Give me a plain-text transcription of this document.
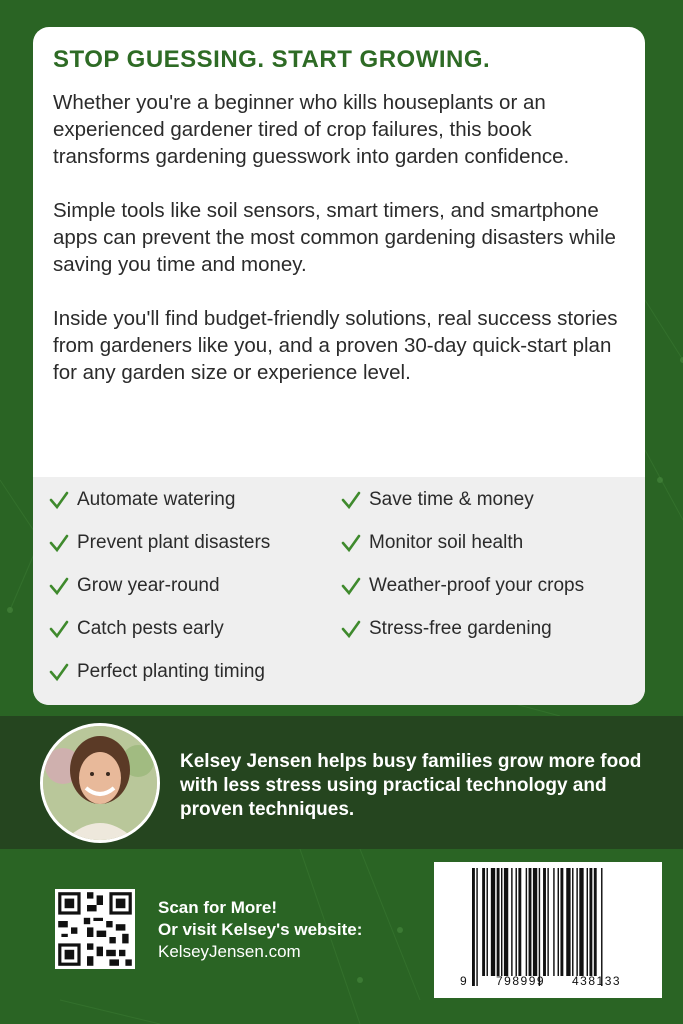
STOP GUESSING. START GROWING.

Whether you're a beginner who kills houseplants or an experienced gardener tired of crop failures, this book transforms gardening guesswork into garden confidence.

Simple tools like soil sensors, smart timers, and smartphone apps can prevent the most common gardening disasters while saving you time and money.

Inside you'll find budget-friendly solutions, real success stories from gardeners like you, and a proven 30-day quick-start plan for any garden size or experience level.

Automate watering	Save time & money
Prevent plant disasters	Monitor soil health
Grow year-round	Weather-proof your crops
Catch pests early	Stress-free gardening
Perfect planting timing
Kelsey Jensen helps busy families grow more food with less stress using practical technology and proven techniques.
Scan for More!
Or visit Kelsey's website:
KelseyJensen.com
9 798999 438133
